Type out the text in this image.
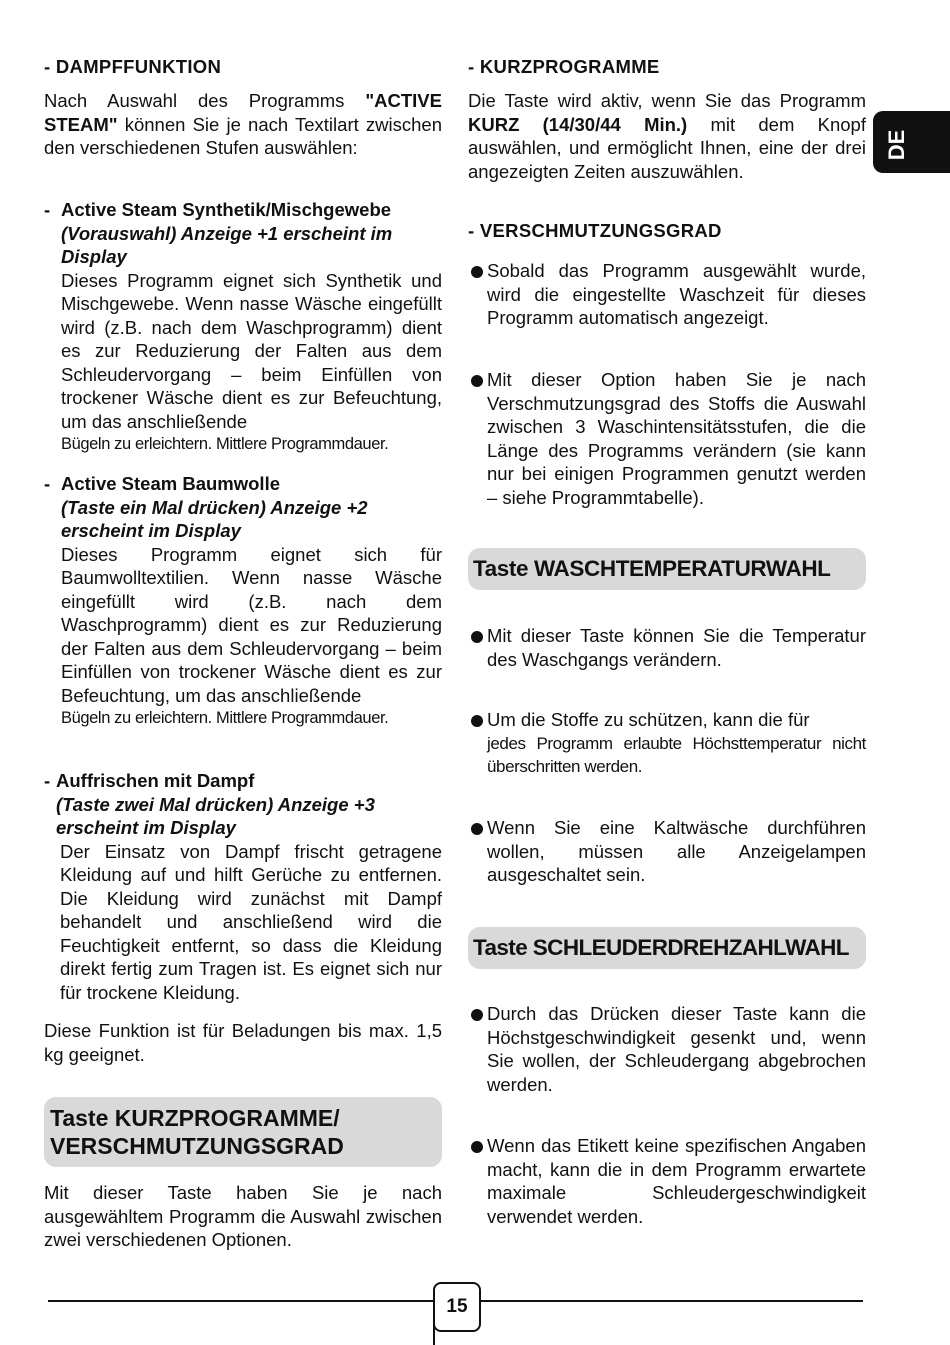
- DAMPFFUNKTION

Nach Auswahl des Programms "ACTIVE STEAM" können Sie je nach Textilart zwischen den verschiedenen Stufen auswählen:

- Active Steam Synthetik/Mischgewebe
(Vorauswahl) Anzeige +1 erscheint im Display
Dieses Programm eignet sich Synthetik und Mischgewebe. Wenn nasse Wäsche eingefüllt wird (z.B. nach dem Waschprogramm) dient es zur Reduzierung der Falten aus dem Schleudervorgang – beim Einfüllen von trockener Wäsche dient es zur Befeuchtung, um das anschließende
Bügeln zu erleichtern. Mittlere Programmdauer.
- Active Steam Baumwolle
(Taste ein Mal drücken) Anzeige +2 erscheint im Display
Dieses Programm eignet sich für Baumwolltextilien. Wenn nasse Wäsche eingefüllt wird (z.B. nach dem Waschprogramm) dient es zur Reduzierung der Falten aus dem Schleudervorgang – beim Einfüllen von trockener Wäsche dient es zur Befeuchtung, um das anschließende
Bügeln zu erleichtern. Mittlere Programmdauer.
- Auffrischen mit Dampf
(Taste zwei Mal drücken) Anzeige +3 erscheint im Display
Der Einsatz von Dampf frischt getragene Kleidung auf und hilft Gerüche zu entfernen. Die Kleidung wird zunächst mit Dampf behandelt und anschließend wird die Feuchtigkeit entfernt, so dass die Kleidung direkt fertig zum Tragen ist. Es eignet sich nur für trockene Kleidung.

Diese Funktion ist für Beladungen bis max. 1,5 kg geeignet.

Taste KURZPROGRAMME/
VERSCHMUTZUNGSGRAD

Mit dieser Taste haben Sie je nach ausgewähltem Programm die Auswahl zwischen zwei verschiedenen Optionen.

- KURZPROGRAMME

Die Taste wird aktiv, wenn Sie das Programm KURZ (14/30/44 Min.) mit dem Knopf auswählen, und ermöglicht Ihnen, eine der drei angezeigten Zeiten auszuwählen.

- VERSCHMUTZUNGSGRAD
Sobald das Programm ausgewählt wurde, wird die eingestellte Waschzeit für dieses Programm automatisch angezeigt.
Mit dieser Option haben Sie je nach Verschmutzungsgrad des Stoffs die Auswahl zwischen 3 Waschintensitätsstufen, die die Länge des Programms verändern (sie kann nur bei einigen Programmen genutzt werden – siehe Programmtabelle).
Taste WASCHTEMPERATURWAHL
Mit dieser Taste können Sie die Temperatur des Waschgangs verändern.
Um die Stoffe zu schützen, kann die für
jedes Programm erlaubte Höchsttemperatur nicht überschritten werden.
Wenn Sie eine Kaltwäsche durchführen wollen, müssen alle Anzeigelampen ausgeschaltet sein.
Taste SCHLEUDERDREHZAHLWAHL
Durch das Drücken dieser Taste kann die Höchstgeschwindigkeit gesenkt und, wenn Sie wollen, der Schleudergang abgebrochen werden.
Wenn das Etikett keine spezifischen Angaben macht, kann die in dem Programm erwartete maximale Schleudergeschwindigkeit verwendet werden.
DE
15
